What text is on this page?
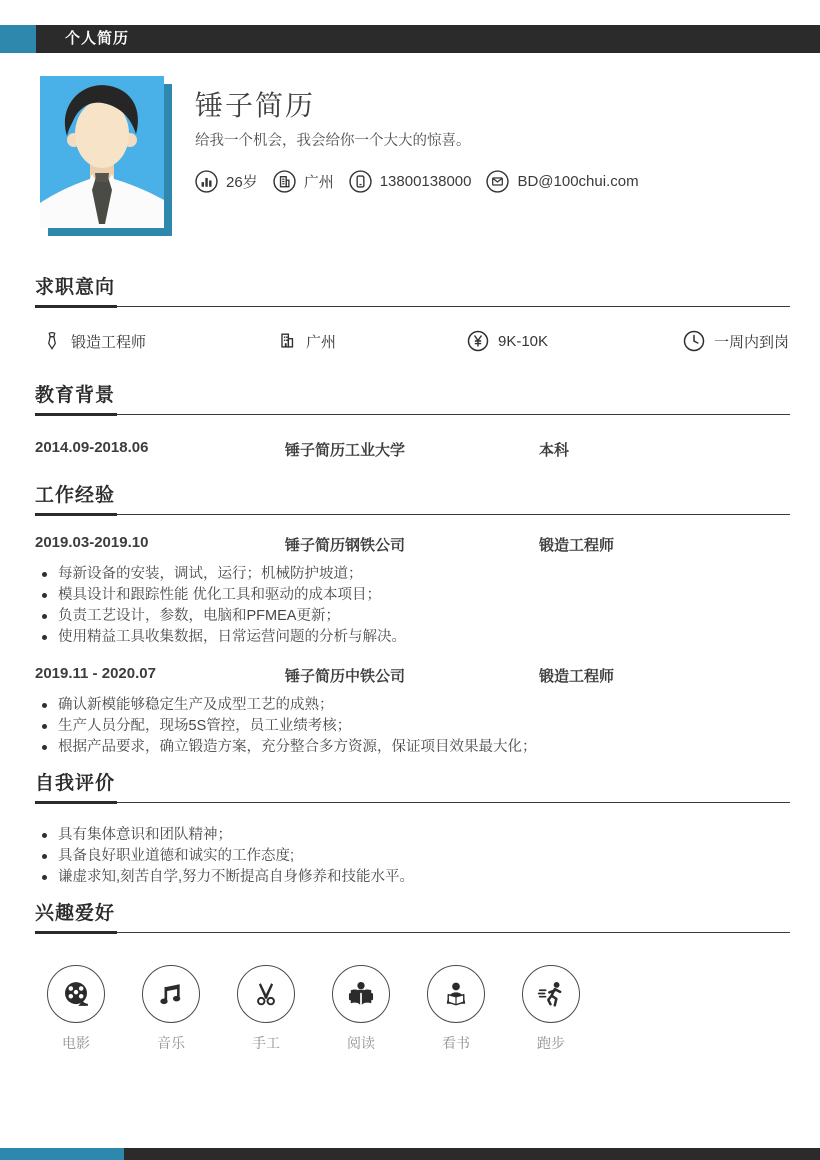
个人简历
锤子简历
给我一个机会，我会给你一个大大的惊喜。
26岁	广州	13800138000	BD@100chui.com
求职意向
锻造工程师	广州	9K-10K	一周内到岗
教育背景
2014.09-2018.06	锤子简历工业大学	本科
工作经验
2019.03-2019.10	锤子简历钢铁公司	锻造工程师
每新设备的安装，调试，运行；机械防护坡道；
模具设计和跟踪性能 优化工具和驱动的成本项目；
负责工艺设计，参数，电脑和PFMEA更新；
使用精益工具收集数据，日常运营问题的分析与解决。
2019.11 - 2020.07	锤子简历中铁公司	锻造工程师
确认新模能够稳定生产及成型工艺的成熟；
生产人员分配，现场5S管控，员工业绩考核；
根据产品要求，确立锻造方案，充分整合多方资源，保证项目效果最大化；
自我评价
具有集体意识和团队精神；
具备良好职业道德和诚实的工作态度;
谦虚求知,刻苦自学,努力不断提高自身修养和技能水平。
兴趣爱好
电影	音乐	手工	阅读	看书	跑步
